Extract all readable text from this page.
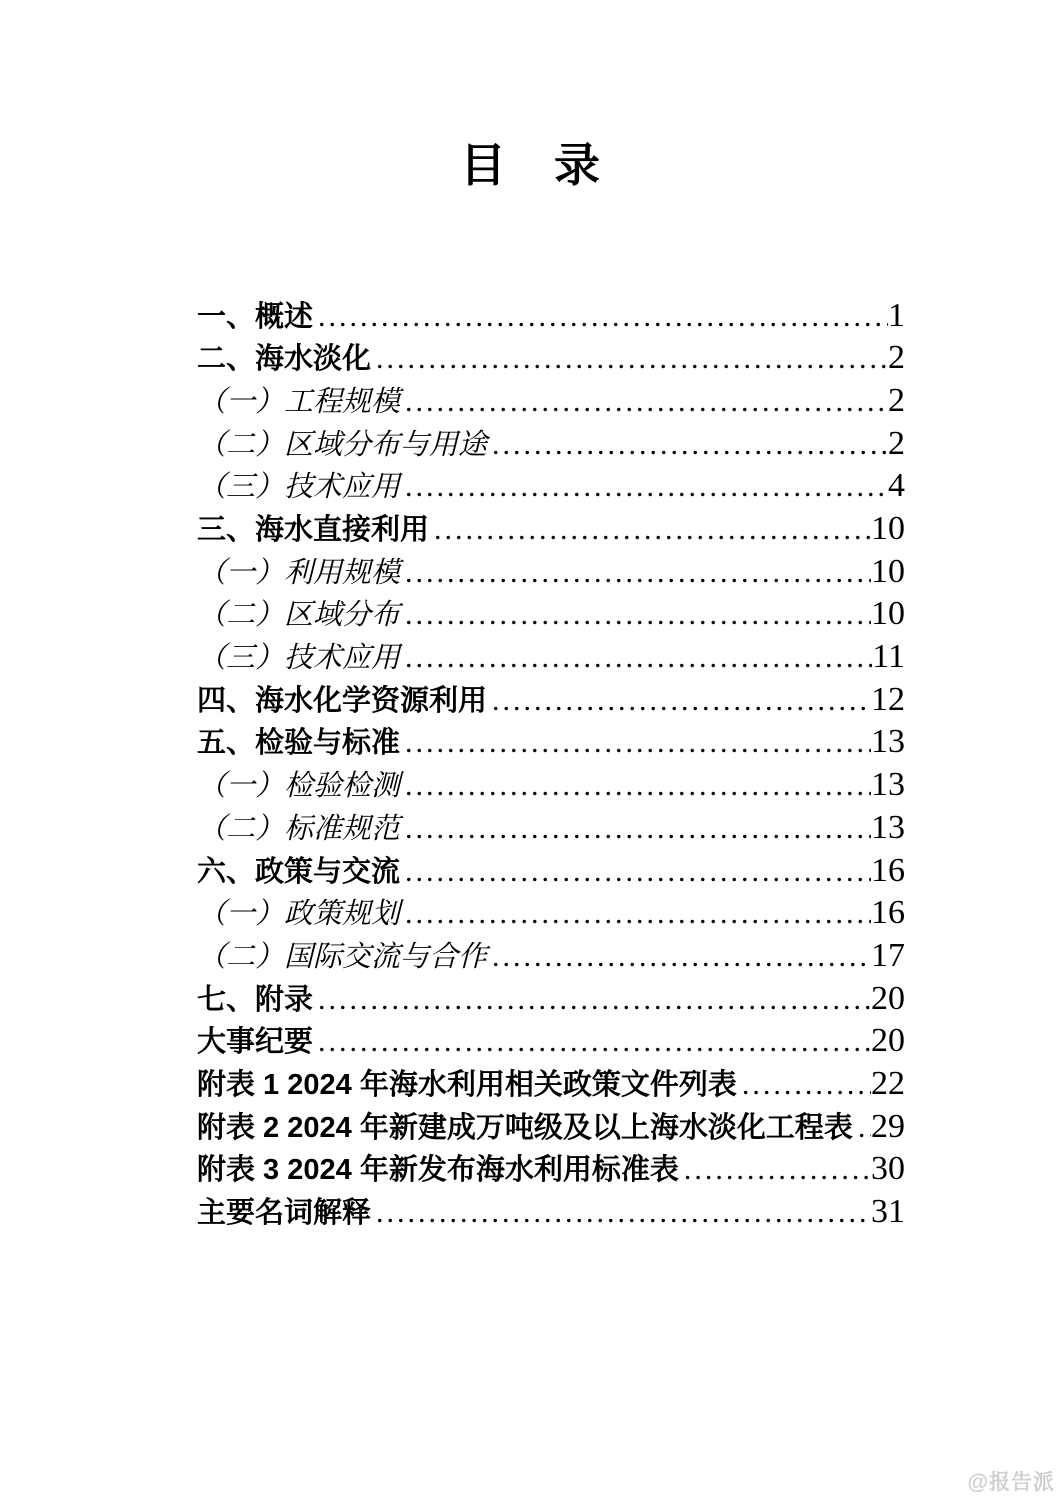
目　录
一、概述 .....	1
二、海水淡化 .....	2
（一）工程规模 .....	2
（二）区域分布与用途 .....	2
（三）技术应用 .....	4
三、海水直接利用 .....	10
（一）利用规模 .....	10
（二）区域分布 .....	10
（三）技术应用 .....	11
四、海水化学资源利用 .....	12
五、检验与标准 .....	13
（一）检验检测 .....	13
（二）标准规范 .....	13
六、政策与交流 .....	16
（一）政策规划 .....	16
（二）国际交流与合作 .....	17
七、附录 .....	20
大事纪要 .....	20
附表 1 2024 年海水利用相关政策文件列表 .....	22
附表 2 2024 年新建成万吨级及以上海水淡化工程表 ..... 29
附表 3 2024 年新发布海水利用标准表 .....	30
主要名词解释 .....	31
@报告派
